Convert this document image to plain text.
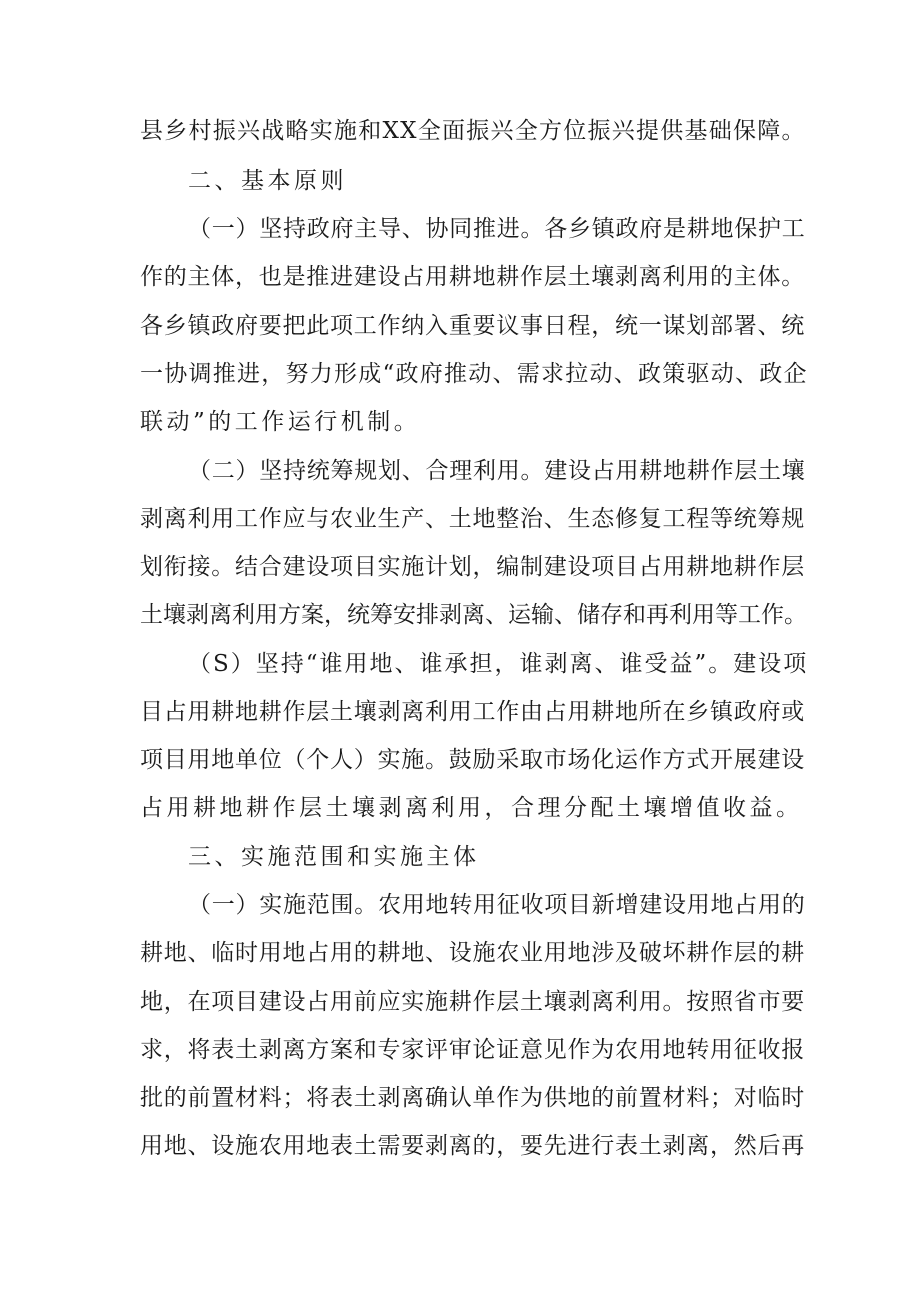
县乡村振兴战略实施和XX全面振兴全方位振兴提供基础保障。
二、基本原则
（一）坚持政府主导、协同推进。各乡镇政府是耕地保护工
作的主体，也是推进建设占用耕地耕作层土壤剥离利用的主体。
各乡镇政府要把此项工作纳入重要议事日程，统一谋划部署、统
一协调推进，努力形成“政府推动、需求拉动、政策驱动、政企
联动”的工作运行机制。
（二）坚持统筹规划、合理利用。建设占用耕地耕作层土壤
剥离利用工作应与农业生产、土地整治、生态修复工程等统筹规
划衔接。结合建设项目实施计划，编制建设项目占用耕地耕作层
土壤剥离利用方案，统筹安排剥离、运输、储存和再利用等工作。
（S）坚持“谁用地、谁承担，谁剥离、谁受益”。建设项
目占用耕地耕作层土壤剥离利用工作由占用耕地所在乡镇政府或
项目用地单位（个人）实施。鼓励采取市场化运作方式开展建设
占用耕地耕作层土壤剥离利用，合理分配土壤增值收益。
三、实施范围和实施主体
（一）实施范围。农用地转用征收项目新增建设用地占用的
耕地、临时用地占用的耕地、设施农业用地涉及破坏耕作层的耕
地，在项目建设占用前应实施耕作层土壤剥离利用。按照省市要
求，将表土剥离方案和专家评审论证意见作为农用地转用征收报
批的前置材料；将表土剥离确认单作为供地的前置材料；对临时
用地、设施农用地表土需要剥离的，要先进行表土剥离，然后再
